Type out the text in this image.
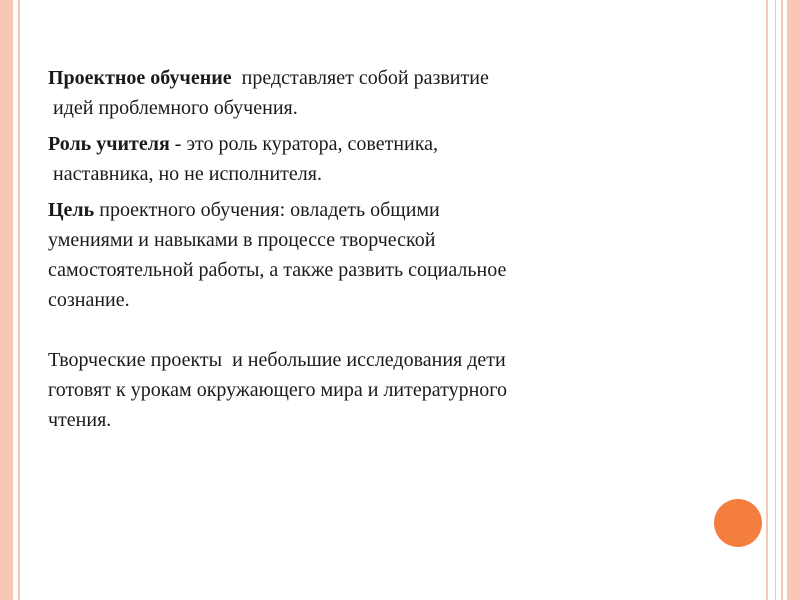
Проектное обучение представляет собой развитие
идей проблемного обучения.
Роль учителя - это роль куратора, советника,
наставника, но не исполнителя.
Цель проектного обучения: овладеть общими
умениями и навыками в процессе творческой
самостоятельной работы, а также развить социальное
сознание.
Творческие проекты  и небольшие исследования дети
готовят к урокам окружающего мира и литературного
чтения.
